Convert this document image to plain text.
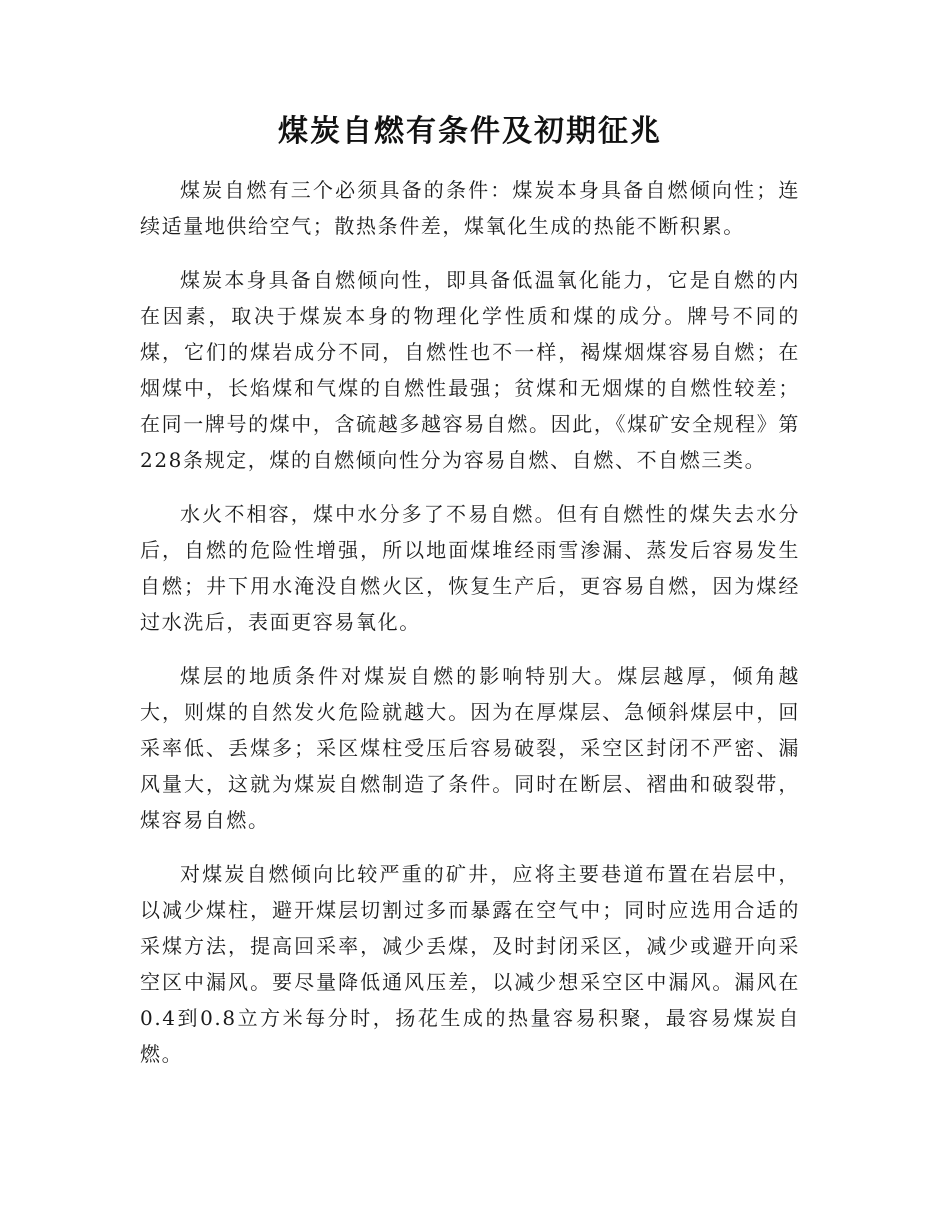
煤炭自燃有条件及初期征兆

煤炭自燃有三个必须具备的条件：煤炭本身具备自燃倾向性；连续适量地供给空气；散热条件差，煤氧化生成的热能不断积累。

煤炭本身具备自燃倾向性，即具备低温氧化能力，它是自燃的内在因素，取决于煤炭本身的物理化学性质和煤的成分。牌号不同的煤，它们的煤岩成分不同，自燃性也不一样，褐煤烟煤容易自燃；在烟煤中，长焰煤和气煤的自燃性最强；贫煤和无烟煤的自燃性较差；在同一牌号的煤中，含硫越多越容易自燃。因此，《煤矿安全规程》第228条规定，煤的自燃倾向性分为容易自燃、自燃、不自燃三类。

水火不相容，煤中水分多了不易自燃。但有自燃性的煤失去水分后，自燃的危险性增强，所以地面煤堆经雨雪渗漏、蒸发后容易发生自燃；井下用水淹没自燃火区，恢复生产后，更容易自燃，因为煤经过水洗后，表面更容易氧化。

煤层的地质条件对煤炭自燃的影响特别大。煤层越厚，倾角越大，则煤的自然发火危险就越大。因为在厚煤层、急倾斜煤层中，回采率低、丢煤多；采区煤柱受压后容易破裂，采空区封闭不严密、漏风量大，这就为煤炭自燃制造了条件。同时在断层、褶曲和破裂带，煤容易自燃。

对煤炭自燃倾向比较严重的矿井，应将主要巷道布置在岩层中，以减少煤柱，避开煤层切割过多而暴露在空气中；同时应选用合适的采煤方法，提高回采率，减少丢煤，及时封闭采区，减少或避开向采空区中漏风。要尽量降低通风压差，以减少想采空区中漏风。漏风在0.4到0.8立方米每分时，扬花生成的热量容易积聚，最容易煤炭自燃。
